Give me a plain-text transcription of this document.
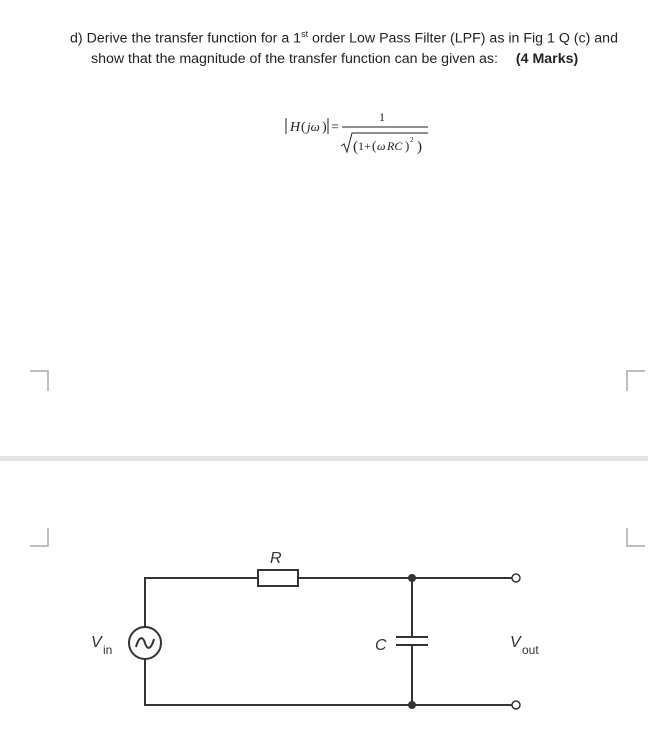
d) Derive the transfer function for a 1st order Low Pass Filter (LPF) as in Fig 1 Q (c) and
show that the magnitude of the transfer function can be given as: (4 Marks)
H ( jω ) =
1
( 1+ ( ω RC ) 2 )
R
C
V in	V out
